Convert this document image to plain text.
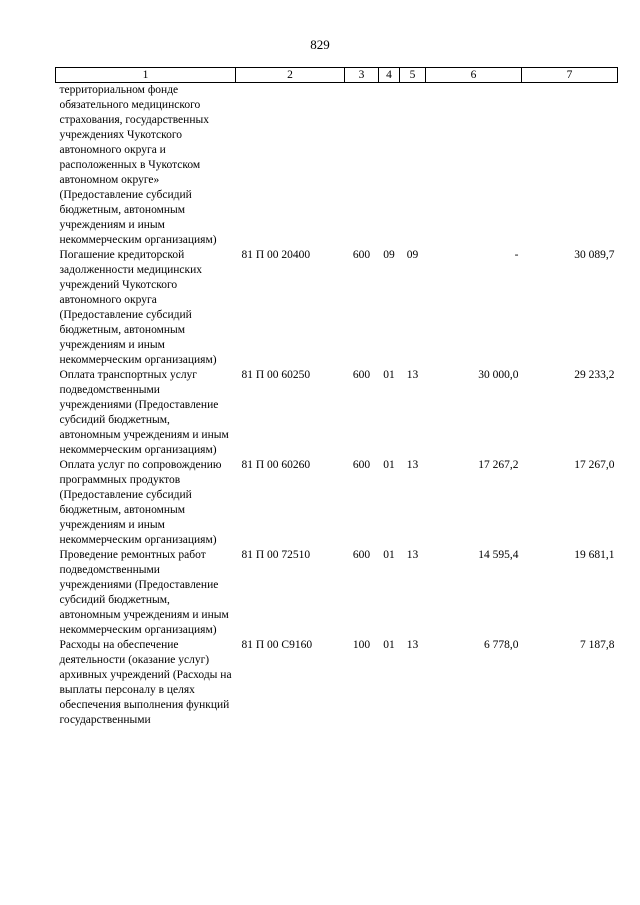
829
1	2	3	4	5	6	7
территориальном фонде обязательного медицинского страхования, государственных учреждениях Чукотского автономного округа и расположенных в Чукотском автономном округе» (Предоставление субсидий бюджетным, автономным учреждениям и иным некоммерческим организациям)						
Погашение кредиторской задолженности медицинских учреждений Чукотского автономного округа (Предоставление субсидий бюджетным, автономным учреждениям и иным некоммерческим организациям)	81 П 00 20400	600	09	09	-	30 089,7
Оплата транспортных услуг подведомственными учреждениями (Предоставление субсидий бюджетным, автономным учреждениям и иным некоммерческим организациям)	81 П 00 60250	600	01	13	30 000,0	29 233,2
Оплата услуг по сопровождению программных продуктов (Предоставление субсидий бюджетным, автономным учреждениям и иным некоммерческим организациям)	81 П 00 60260	600	01	13	17 267,2	17 267,0
Проведение ремонтных работ подведомственными учреждениями (Предоставление субсидий бюджетным, автономным учреждениям и иным некоммерческим организациям)	81 П 00 72510	600	01	13	14 595,4	19 681,1
Расходы на обеспечение деятельности (оказание услуг) архивных учреждений (Расходы на выплаты персоналу в целях обеспечения выполнения функций государственными	81 П 00 С9160	100	01	13	6 778,0	7 187,8
